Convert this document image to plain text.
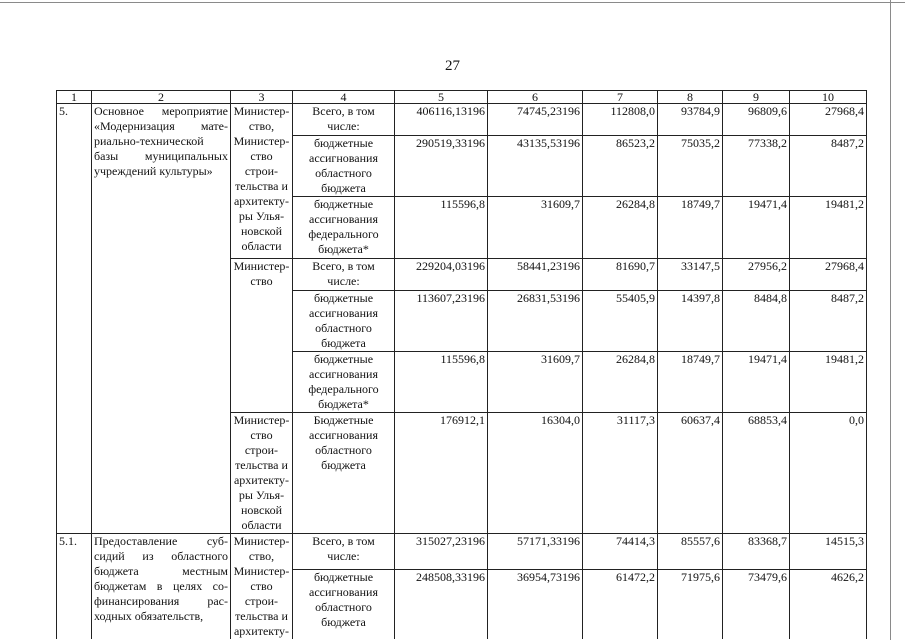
27
1	2	3	4	5	6	7	8	9	10
5.	Основное мероприятие «Модернизация мате-риально-технической базы муниципальных учреждений культуры»	Министер-ство, Министер-ство строи-тельства и архитекту-ры Улья-новской области	Всего, в том числе:	406116,13196	74745,23196	112808,0	93784,9	96809,6	27968,4
			бюджетные ассигнования областного бюджета	290519,33196	43135,53196	86523,2	75035,2	77338,2	8487,2
			бюджетные ассигнования федерального бюджета*	115596,8	31609,7	26284,8	18749,7	19471,4	19481,2
		Министер-ство	Всего, в том числе:	229204,03196	58441,23196	81690,7	33147,5	27956,2	27968,4
			бюджетные ассигнования областного бюджета	113607,23196	26831,53196	55405,9	14397,8	8484,8	8487,2
			бюджетные ассигнования федерального бюджета*	115596,8	31609,7	26284,8	18749,7	19471,4	19481,2
		Министер-ство строи-тельства и архитекту-ры Улья-новской области	Бюджетные ассигнования областного бюджета	176912,1	16304,0	31117,3	60637,4	68853,4	0,0
5.1.	Предоставление суб-сидий из областного бюджета местным бюджетам в целях со-финансирования рас-ходных обязательств,	Министер-ство, Министер-ство строи-тельства и архитекту-	Всего, в том числе:	315027,23196	57171,33196	74414,3	85557,6	83368,7	14515,3
			бюджетные ассигнования областного бюджета	248508,33196	36954,73196	61472,2	71975,6	73479,6	4626,2
